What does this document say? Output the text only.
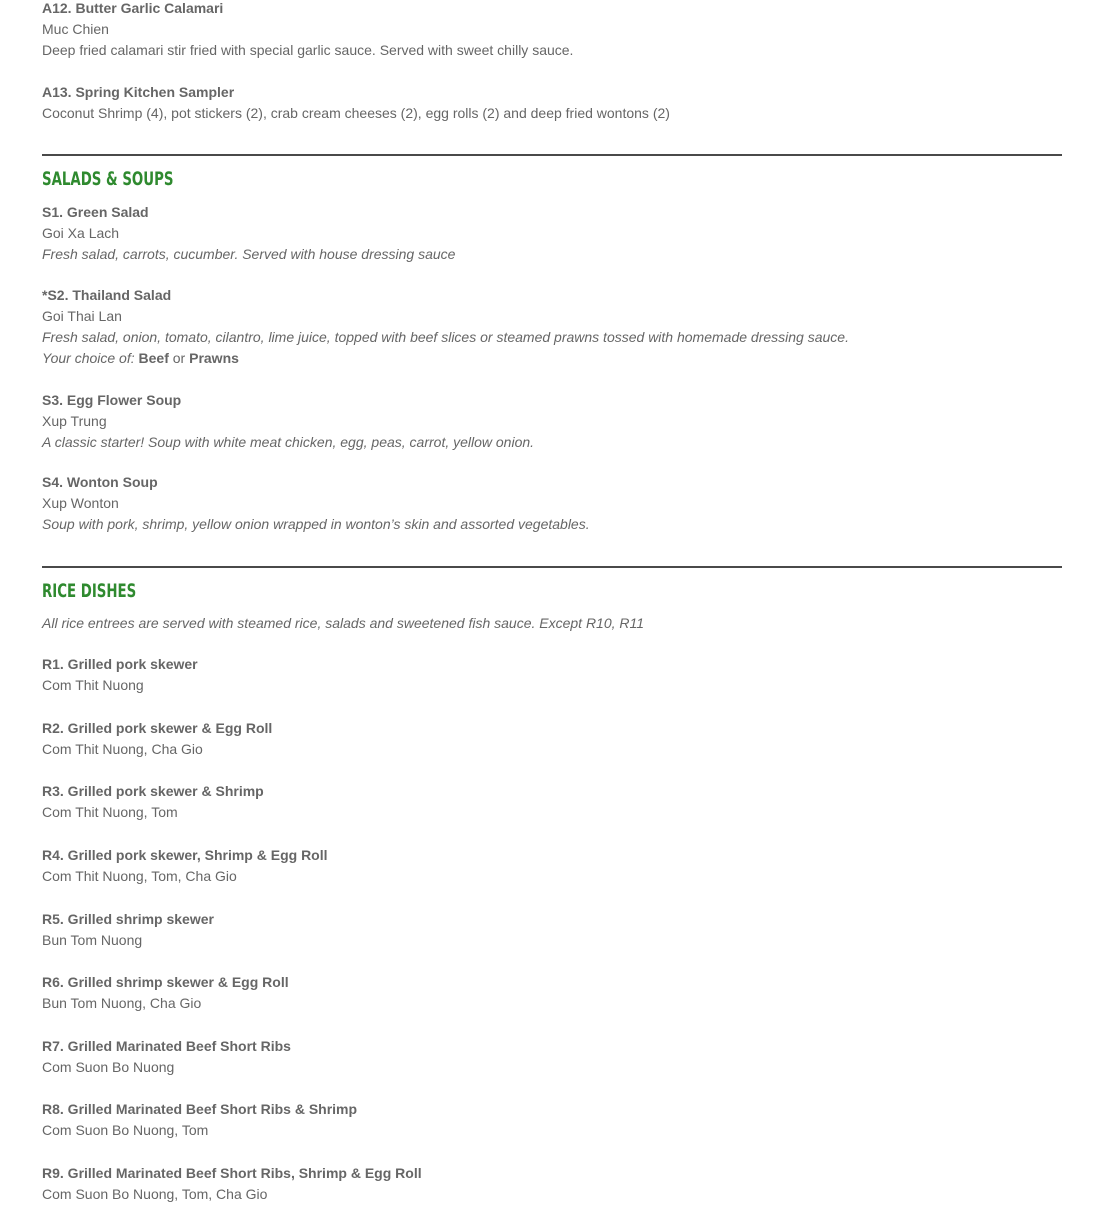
A12. Butter Garlic Calamari
Muc Chien
Deep fried calamari stir fried with special garlic sauce. Served with sweet chilly sauce.
A13. Spring Kitchen Sampler
Coconut Shrimp (4), pot stickers (2), crab cream cheeses (2), egg rolls (2) and deep fried wontons (2)
SALADS & SOUPS
S1. Green Salad
Goi Xa Lach
Fresh salad, carrots, cucumber. Served with house dressing sauce
*S2. Thailand Salad
Goi Thai Lan
Fresh salad, onion, tomato, cilantro, lime juice, topped with beef slices or steamed prawns tossed with homemade dressing sauce.
Your choice of: Beef or Prawns
S3. Egg Flower Soup
Xup Trung
A classic starter! Soup with white meat chicken, egg, peas, carrot, yellow onion.
S4. Wonton Soup
Xup Wonton
Soup with pork, shrimp, yellow onion wrapped in wonton’s skin and assorted vegetables.
RICE DISHES
All rice entrees are served with steamed rice, salads and sweetened fish sauce. Except R10, R11
R1. Grilled pork skewer
Com Thit Nuong
R2. Grilled pork skewer & Egg Roll
Com Thit Nuong, Cha Gio
R3. Grilled pork skewer & Shrimp
Com Thit Nuong, Tom
R4. Grilled pork skewer, Shrimp & Egg Roll
Com Thit Nuong, Tom, Cha Gio
R5. Grilled shrimp skewer
Bun Tom Nuong
R6. Grilled shrimp skewer & Egg Roll
Bun Tom Nuong, Cha Gio
R7. Grilled Marinated Beef Short Ribs
Com Suon Bo Nuong
R8. Grilled Marinated Beef Short Ribs & Shrimp
Com Suon Bo Nuong, Tom
R9. Grilled Marinated Beef Short Ribs, Shrimp & Egg Roll
Com Suon Bo Nuong, Tom, Cha Gio
